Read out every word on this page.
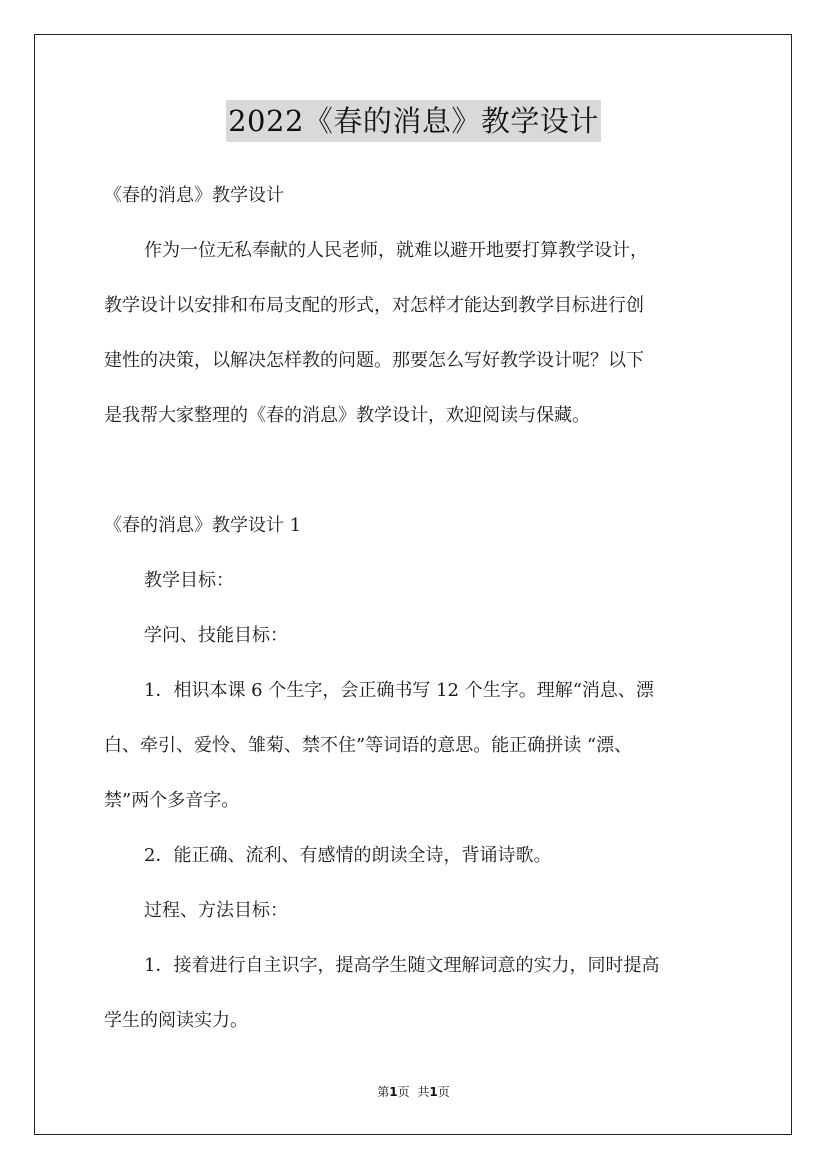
2022《春的消息》教学设计
《春的消息》教学设计
作为一位无私奉献的人民老师，就难以避开地要打算教学设计，
教学设计以安排和布局支配的形式，对怎样才能达到教学目标进行创
建性的决策，以解决怎样教的问题。那要怎么写好教学设计呢？以下
是我帮大家整理的《春的消息》教学设计，欢迎阅读与保藏。
《春的消息》教学设计 1
教学目标：
学问、技能目标：
1．相识本课 6 个生字，会正确书写 12 个生字。理解“消息、漂
白、牵引、爱怜、雏菊、禁不住”等词语的意思。能正确拼读 “漂、
禁”两个多音字。
2．能正确、流利、有感情的朗读全诗，背诵诗歌。
过程、方法目标：
1．接着进行自主识字，提高学生随文理解词意的实力，同时提高
学生的阅读实力。
第1页 共1页
